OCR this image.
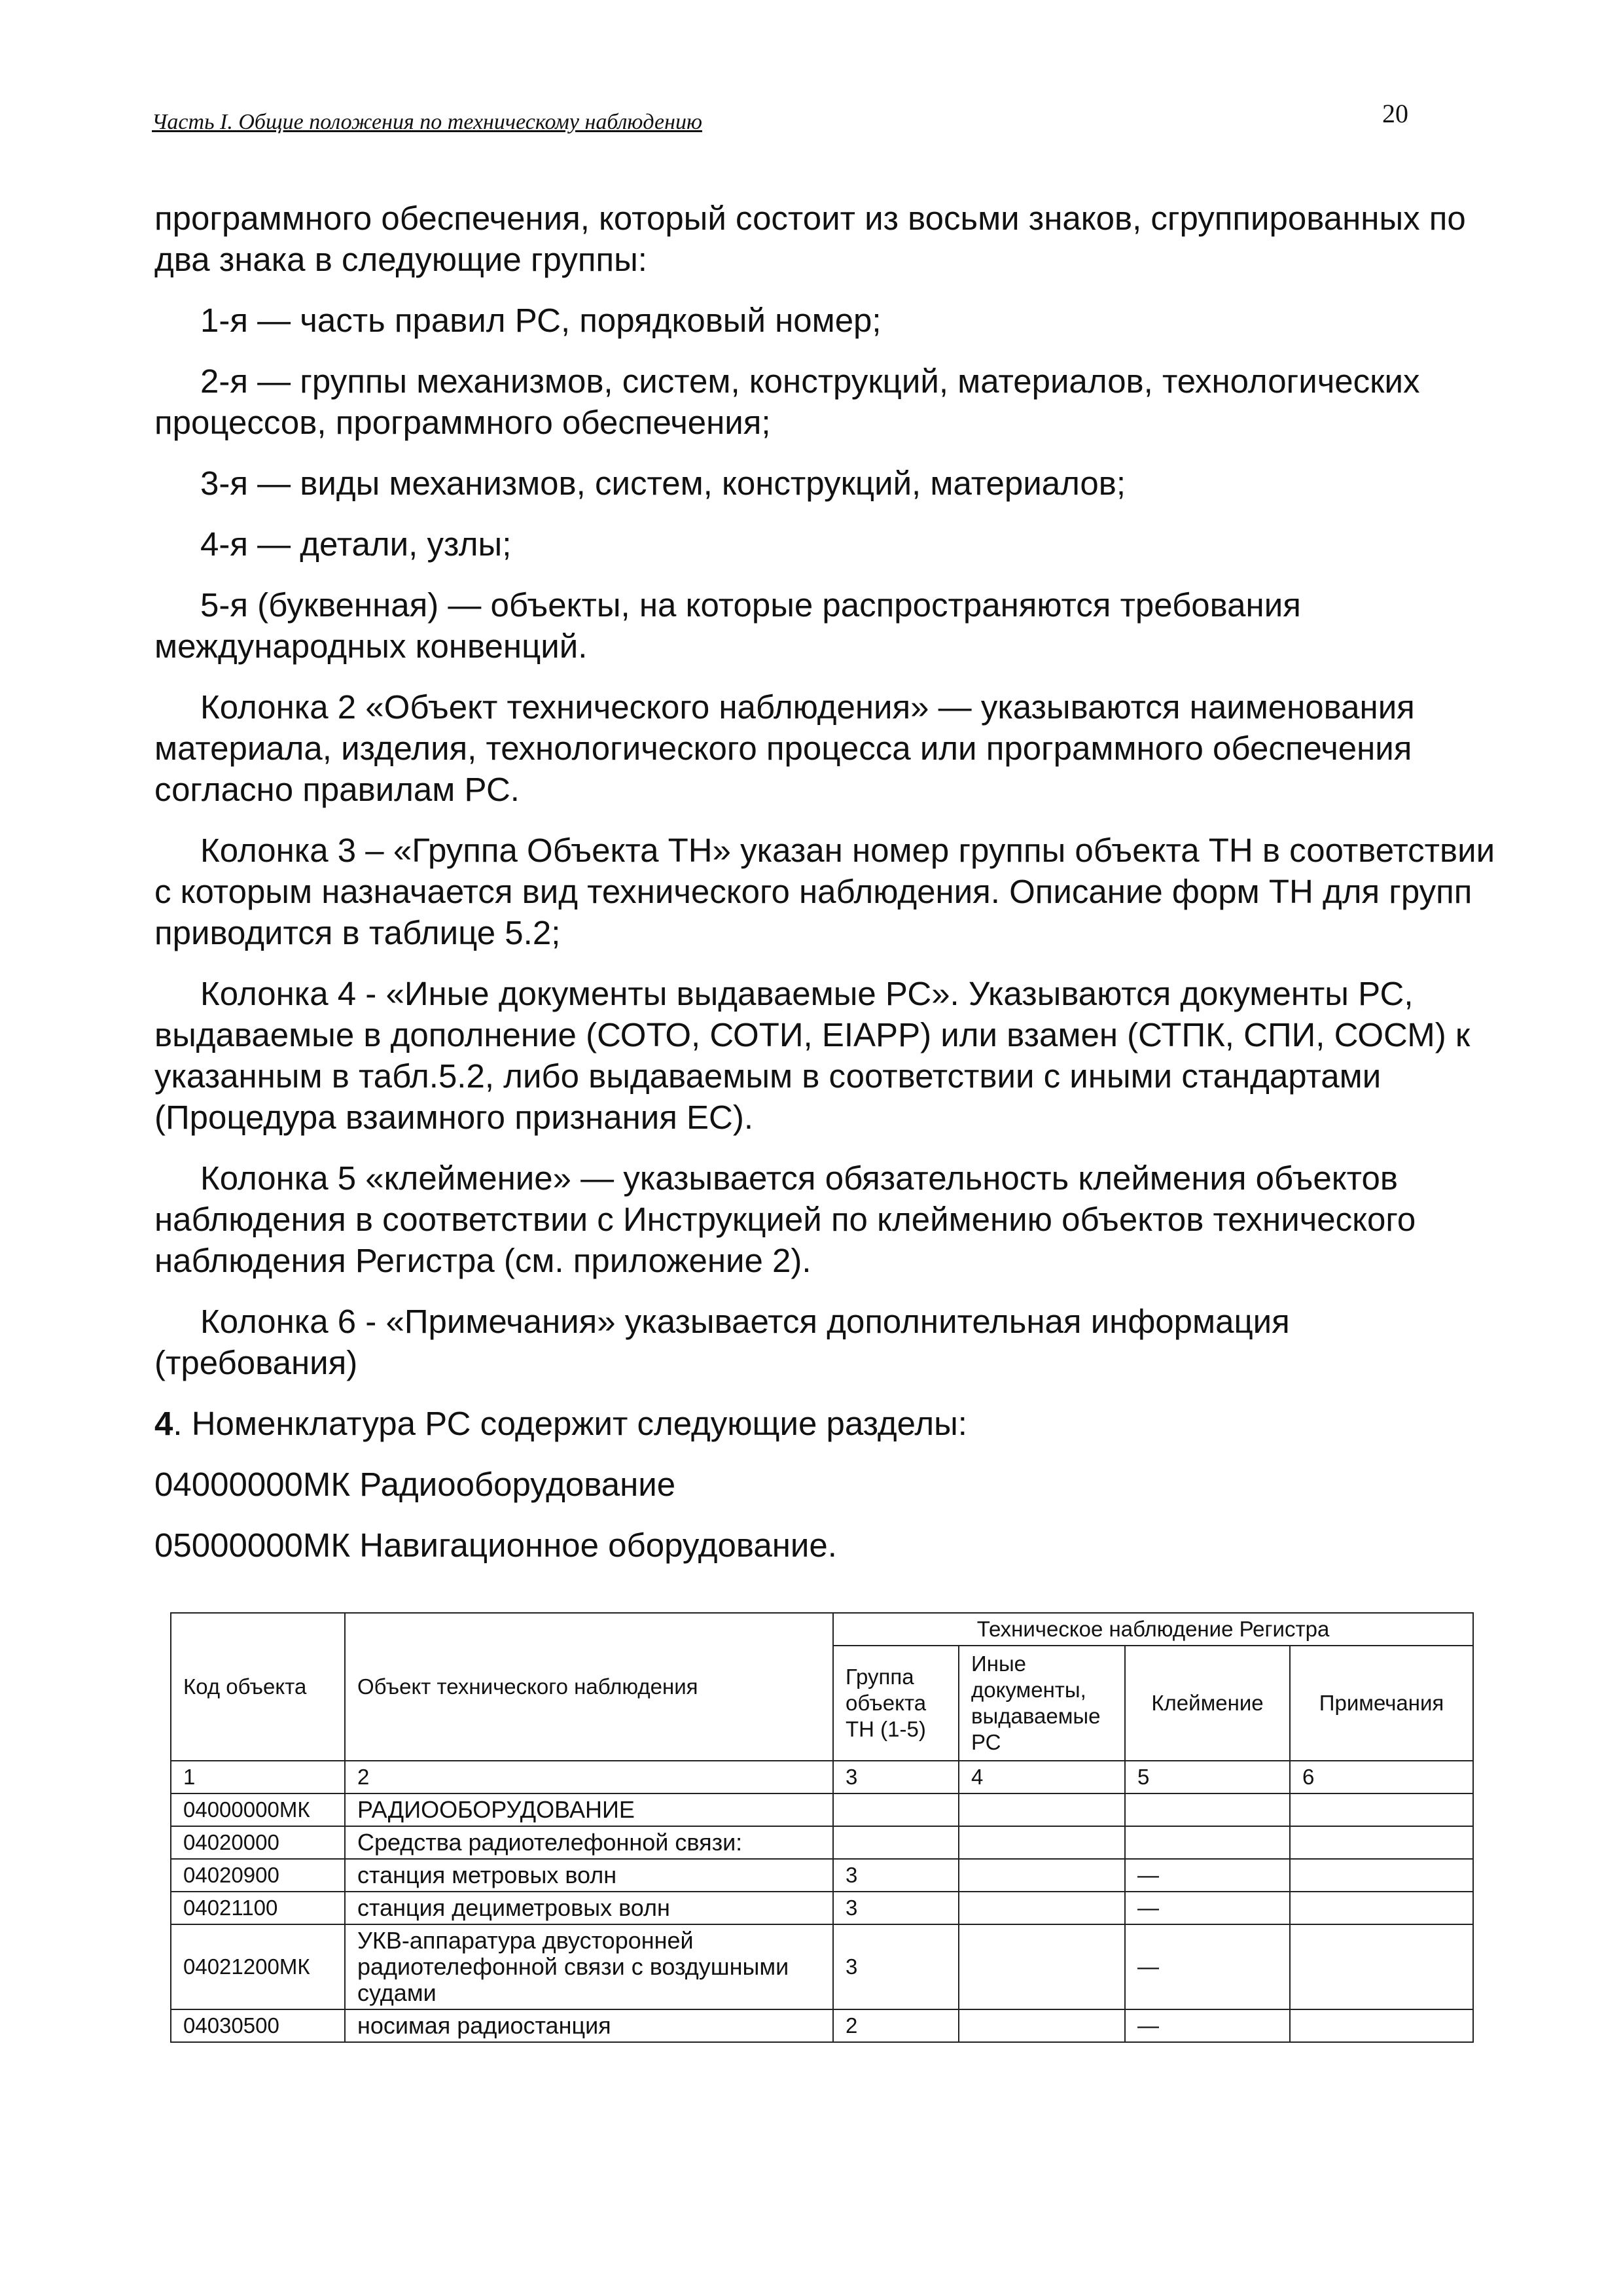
Часть I. Общие положения по техническому наблюдению	20

программного обеспечения, который состоит из восьми знаков, сгруппированных по два знака в следующие группы:

1-я — часть правил РС, порядковый номер;

2-я — группы механизмов, систем, конструкций, материалов, технологических процессов, программного обеспечения;

3-я — виды механизмов, систем, конструкций, материалов;

4-я — детали, узлы;

5-я (буквенная) — объекты, на которые распространяются требования международных конвенций.

Колонка 2 «Объект технического наблюдения» — указываются наименования материала, изделия, технологического процесса или программного обеспечения согласно правилам РС.

Колонка 3 – «Группа Объекта ТН» указан номер группы объекта ТН в соответствии с которым назначается вид технического наблюдения. Описание форм ТН для групп приводится в таблице 5.2;

Колонка 4 - «Иные документы выдаваемые РС». Указываются документы РС, выдаваемые в дополнение (СОТО, СОТИ, EIAPP) или взамен (СТПК, СПИ, СОСМ) к указанным в табл.5.2, либо выдаваемым в соответствии с иными стандартами (Процедура взаимного признания ЕС).

Колонка 5 «клеймение» — указывается обязательность клеймения объектов наблюдения в соответствии с Инструкцией по клеймению объектов технического наблюдения Регистра (см. приложение 2).

Колонка 6 - «Примечания» указывается дополнительная информация (требования)

4. Номенклатура РС содержит следующие разделы:

04000000МК Радиооборудование

05000000МК Навигационное оборудование.

Код объекта	Объект технического наблюдения	Техническое наблюдение Регистра			
		Группа объекта ТН (1-5)	Иные документы, выдаваемые РС	Клеймение	Примечания
1	2	3	4	5	6
04000000МК	РАДИООБОРУДОВАНИЕ				
04020000	Средства радиотелефонной связи:				
04020900	станция метровых волн	3		—	
04021100	станция дециметровых волн	3		—	
04021200МК	УКВ-аппаратура двусторонней радиотелефонной связи с воздушными судами	3		—	
04030500	носимая радиостанция	2		—	
